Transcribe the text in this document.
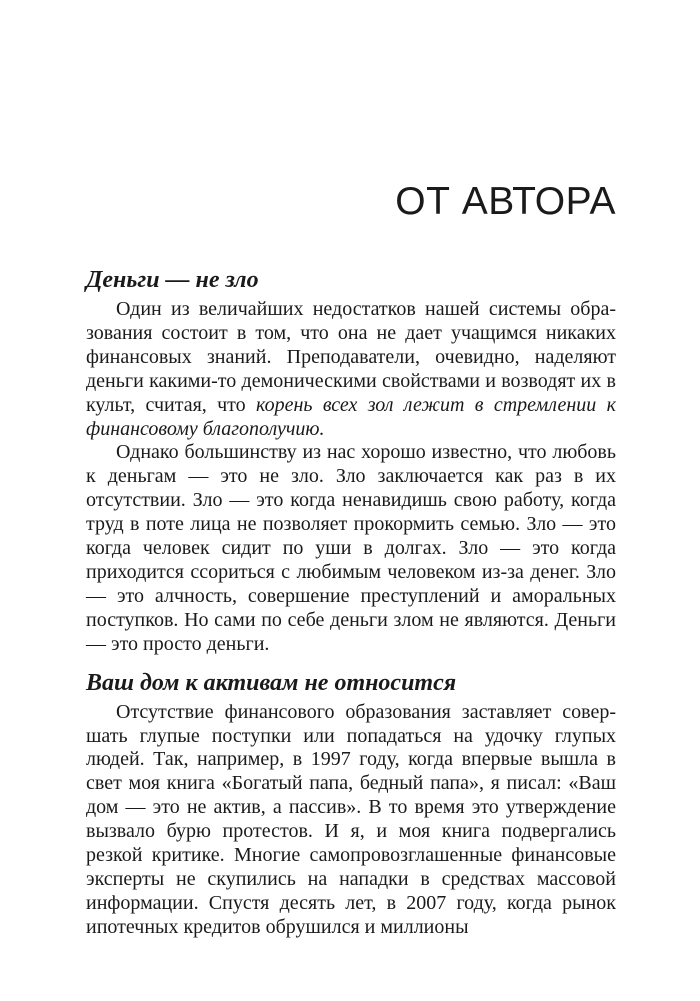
ОТ АВТОРА
Деньги — не зло

Один из величайших недостатков нашей системы образования состоит в том, что она не дает учащимся никаких финансовых знаний. Преподаватели, очевидно, наделяют деньги какими-то демоническими свойствами и возводят их в культ, считая, что корень всех зол лежит в стремлении к финансовому благополучию.

Однако большинству из нас хорошо известно, что любовь к деньгам — это не зло. Зло заключается как раз в их отсутствии. Зло — это когда ненавидишь свою работу, когда труд в поте лица не позволяет прокормить семью. Зло — это когда человек сидит по уши в долгах. Зло — это когда приходится ссориться с любимым человеком из-за денег. Зло — это алчность, совершение преступлений и аморальных поступков. Но сами по себе деньги злом не являются. Деньги — это просто деньги.

Ваш дом к активам не относится

Отсутствие финансового образования заставляет совершать глупые поступки или попадаться на удочку глупых людей. Так, например, в 1997 году, когда впервые вышла в свет моя книга «Богатый папа, бедный папа», я писал: «Ваш дом — это не актив, а пассив». В то время это утверждение вызвало бурю протестов. И я, и моя книга подвергались резкой критике. Многие самопровозглашенные финансовые эксперты не скупились на нападки в средствах массовой информации. Спустя десять лет, в 2007 году, когда рынок ипотечных кредитов обрушился и миллионы
